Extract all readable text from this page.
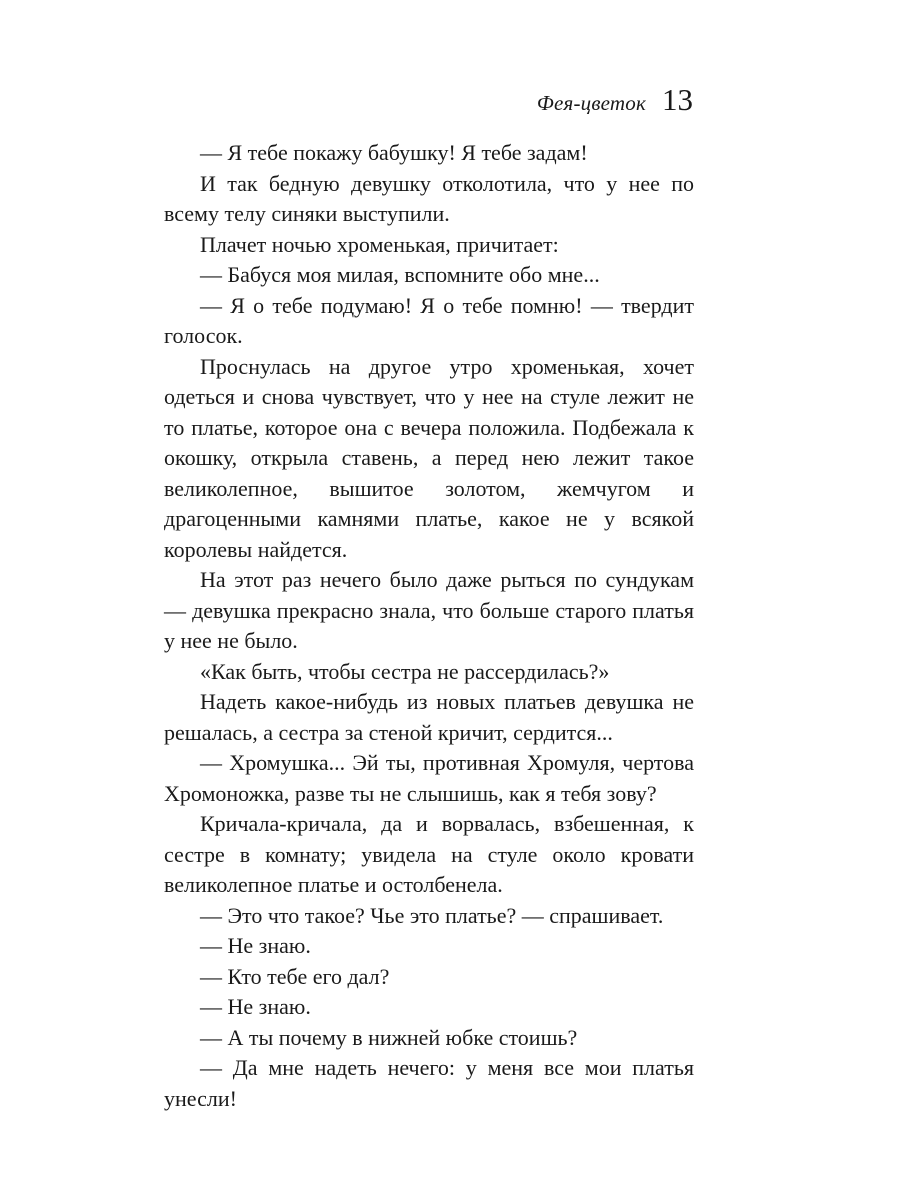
Фея-цветок 13

— Я тебе покажу бабушку! Я тебе задам!

И так бедную девушку отколотила, что у нее по всему телу синяки выступили.

Плачет ночью хроменькая, причитает:

— Бабуся моя милая, вспомните обо мне...

— Я о тебе подумаю! Я о тебе помню! — твердит голосок.

Проснулась на другое утро хроменькая, хочет одеться и снова чувствует, что у нее на стуле лежит не то платье, которое она с вечера положила. Подбежала к окошку, открыла ставень, а перед нею лежит такое великолепное, вышитое золотом, жемчугом и драгоценными камнями платье, какое не у всякой королевы найдется.

На этот раз нечего было даже рыться по сундукам — девушка прекрасно знала, что больше старого платья у нее не было.

«Как быть, чтобы сестра не рассердилась?»

Надеть какое-нибудь из новых платьев девушка не решалась, а сестра за стеной кричит, сердится...

— Хромушка... Эй ты, противная Хромуля, чертова Хромоножка, разве ты не слышишь, как я тебя зову?

Кричала-кричала, да и ворвалась, взбешенная, к сестре в комнату; увидела на стуле около кровати великолепное платье и остолбенела.

— Это что такое? Чье это платье? — спрашивает.

— Не знаю.

— Кто тебе его дал?

— Не знаю.

— А ты почему в нижней юбке стоишь?

— Да мне надеть нечего: у меня все мои платья унесли!
